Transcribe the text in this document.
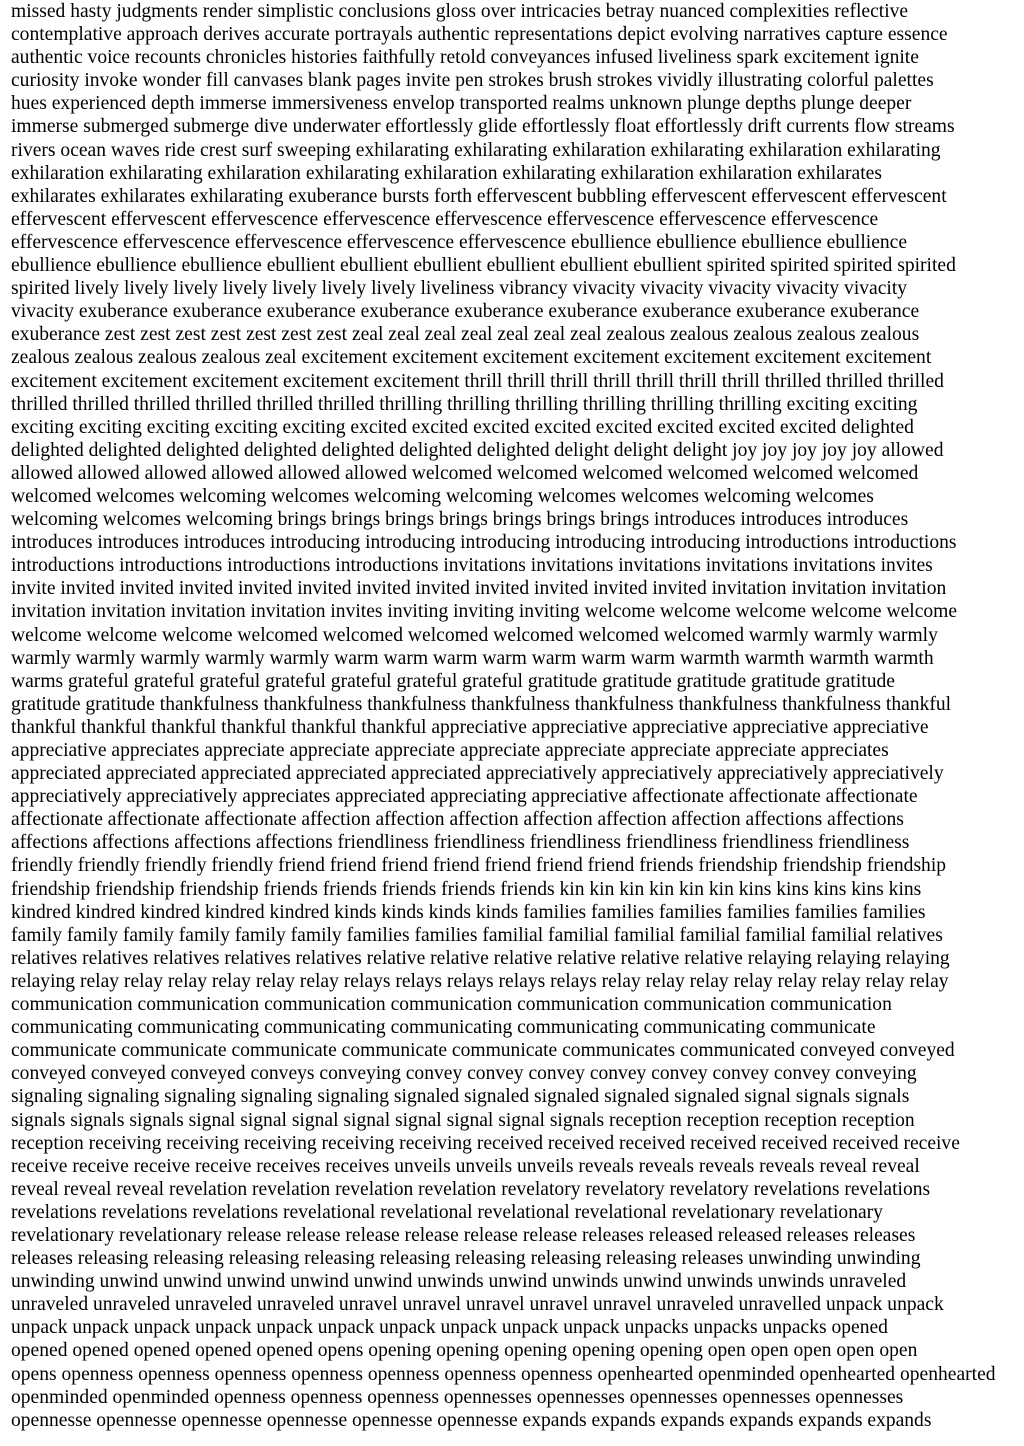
missed hasty judgments render simplistic conclusions gloss over intricacies betray nuanced complexities reflective
contemplative approach derives accurate portrayals authentic representations depict evolving narratives capture essence
authentic voice recounts chronicles histories faithfully retold conveyances infused liveliness spark excitement ignite
curiosity invoke wonder fill canvases blank pages invite pen strokes brush strokes vividly illustrating colorful palettes
hues experienced depth immerse immersiveness envelop transported realms unknown plunge depths plunge deeper
immerse submerged submerge dive underwater effortlessly glide effortlessly float effortlessly drift currents flow streams
rivers ocean waves ride crest surf sweeping exhilarating exhilarating exhilaration exhilarating exhilaration exhilarating
exhilaration exhilarating exhilaration exhilarating exhilaration exhilarating exhilaration exhilaration exhilarates
exhilarates exhilarates exhilarating exuberance bursts forth effervescent bubbling effervescent effervescent effervescent
effervescent effervescent effervescence effervescence effervescence effervescence effervescence effervescence
effervescence effervescence effervescence effervescence effervescence ebullience ebullience ebullience ebullience
ebullience ebullience ebullience ebullient ebullient ebullient ebullient ebullient ebullient spirited spirited spirited spirited
spirited lively lively lively lively lively lively lively liveliness vibrancy vivacity vivacity vivacity vivacity vivacity
vivacity exuberance exuberance exuberance exuberance exuberance exuberance exuberance exuberance exuberance
exuberance zest zest zest zest zest zest zest zeal zeal zeal zeal zeal zeal zeal zealous zealous zealous zealous zealous
zealous zealous zealous zealous zeal excitement excitement excitement excitement excitement excitement excitement
excitement excitement excitement excitement excitement thrill thrill thrill thrill thrill thrill thrill thrilled thrilled thrilled
thrilled thrilled thrilled thrilled thrilled thrilled thrilling thrilling thrilling thrilling thrilling thrilling exciting exciting
exciting exciting exciting exciting exciting excited excited excited excited excited excited excited excited delighted
delighted delighted delighted delighted delighted delighted delighted delight delight delight joy joy joy joy joy allowed
allowed allowed allowed allowed allowed allowed welcomed welcomed welcomed welcomed welcomed welcomed
welcomed welcomes welcoming welcomes welcoming welcoming welcomes welcomes welcoming welcomes
welcoming welcomes welcoming brings brings brings brings brings brings brings introduces introduces introduces
introduces introduces introduces introducing introducing introducing introducing introducing introductions introductions
introductions introductions introductions introductions invitations invitations invitations invitations invitations invites
invite invited invited invited invited invited invited invited invited invited invited invited invitation invitation invitation
invitation invitation invitation invitation invites inviting inviting inviting welcome welcome welcome welcome welcome
welcome welcome welcome welcomed welcomed welcomed welcomed welcomed welcomed warmly warmly warmly
warmly warmly warmly warmly warmly warm warm warm warm warm warm warm warmth warmth warmth warmth
warms grateful grateful grateful grateful grateful grateful grateful gratitude gratitude gratitude gratitude gratitude
gratitude gratitude thankfulness thankfulness thankfulness thankfulness thankfulness thankfulness thankfulness thankful
thankful thankful thankful thankful thankful thankful appreciative appreciative appreciative appreciative appreciative
appreciative appreciates appreciate appreciate appreciate appreciate appreciate appreciate appreciate appreciates
appreciated appreciated appreciated appreciated appreciated appreciatively appreciatively appreciatively appreciatively
appreciatively appreciatively appreciates appreciated appreciating appreciative affectionate affectionate affectionate
affectionate affectionate affectionate affection affection affection affection affection affection affections affections
affections affections affections affections friendliness friendliness friendliness friendliness friendliness friendliness
friendly friendly friendly friendly friend friend friend friend friend friend friend friends friendship friendship friendship
friendship friendship friendship friends friends friends friends friends kin kin kin kin kin kin kins kins kins kins kins
kindred kindred kindred kindred kindred kinds kinds kinds kinds families families families families families families
family family family family family family families families familial familial familial familial familial familial relatives
relatives relatives relatives relatives relatives relative relative relative relative relative relative relaying relaying relaying
relaying relay relay relay relay relay relay relays relays relays relays relays relay relay relay relay relay relay relay relay
communication communication communication communication communication communication communication
communicating communicating communicating communicating communicating communicating communicate
communicate communicate communicate communicate communicate communicates communicated conveyed conveyed
conveyed conveyed conveyed conveys conveying convey convey convey convey convey convey convey conveying
signaling signaling signaling signaling signaling signaled signaled signaled signaled signaled signal signals signals
signals signals signals signal signal signal signal signal signal signal signals reception reception reception reception
reception receiving receiving receiving receiving receiving received received received received received received receive
receive receive receive receive receives receives unveils unveils unveils reveals reveals reveals reveals reveal reveal
reveal reveal reveal revelation revelation revelation revelation revelatory revelatory revelatory revelations revelations
revelations revelations revelations revelational revelational revelational revelational revelationary revelationary
revelationary revelationary release release release release release release releases released released releases releases
releases releasing releasing releasing releasing releasing releasing releasing releasing releases unwinding unwinding
unwinding unwind unwind unwind unwind unwind unwinds unwind unwinds unwind unwinds unwinds unraveled
unraveled unraveled unraveled unraveled unravel unravel unravel unravel unravel unraveled unravelled unpack unpack
unpack unpack unpack unpack unpack unpack unpack unpack unpack unpack unpacks unpacks unpacks opened
opened opened opened opened opened opens opening opening opening opening opening open open open open open
opens openness openness openness openness openness openness openness openhearted openminded openhearted openhearted
openminded openminded openness openness openness opennesses opennesses opennesses opennesses opennesses
opennesse opennesse opennesse opennesse opennesse opennesse expands expands expands expands expands expands
